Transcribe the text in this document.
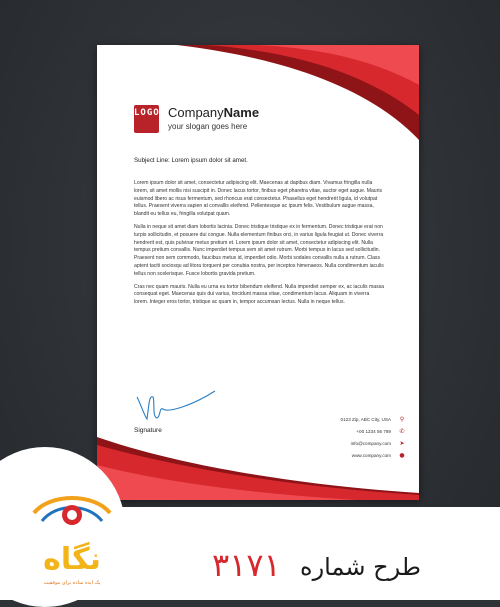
LOGO CompanyName
your slogan goes here
Subject Line: Lorem ipsum dolor sit amet.

Lorem ipsum dolor sit amet, consectetur adipiscing elit. Maecenas at dapibus diam. Vivamus fringilla nulla lorem, sit amet mollis nisi suscipit in. Donec lacus tortor, finibus eget pharetra vitae, auctor eget augue. Mauris euismod libero ac risus fermentum, sed rhoncus erat consectetur. Phasellus eget hendrerit ligula, id volutpat tellus. Praesent viverra sapien at convallis eleifend. Pellentesque ac ipsum felis. Vestibulum augue massa, blandit eu tellus eu, fringilla volutpat quam.

Nulla in neque sit amet diam lobortis lacinia. Donec tristique tristique ex in fermentum. Donec tristique erat non turpis sollicitudin, et posuere dui congue. Nulla elementum finibus orci, in varius ligula feugiat ut. Donec viverra hendrerit est, quis pulvinar metus pretium et. Lorem ipsum dolor sit amet, consectetur adipiscing elit. Nulla tempus pretium convallis. Nunc imperdiet tempus sem sit amet rutrum. Morbi tempus in lacus sed sollicitudin. Praesent non sem commodo, faucibus metus id, imperdiet odio. Morbi sodales convallis nulla a rutrum. Class aptent taciti sociosqu ad litora torquent per conubia nostra, per inceptos himenaeos. Nulla condimentum iaculis tellus non scelerisque. Fusce lobortis gravida pretium.

Cras nec quam mauris. Nulla eu urna eu tortor bibendum eleifend. Nulla imperdiet semper ex, ac iaculis massa consequat eget. Maecenas quis dui varius, tincidunt massa vitae, condimentum lacus. Aliquam in viverra lorem. Integer eros tortor, tristique ac quam in, tempor accumsan lectus. Nulla in neque tellus.

Signature
0123 Zip, ABC City, USA	⚲
+00 1234 56 789	✆
info@company.com	➤
www.company.com	●
نگاه
یک ایده ساده برای موفقیت	۳۱۷۱ طرح شماره
